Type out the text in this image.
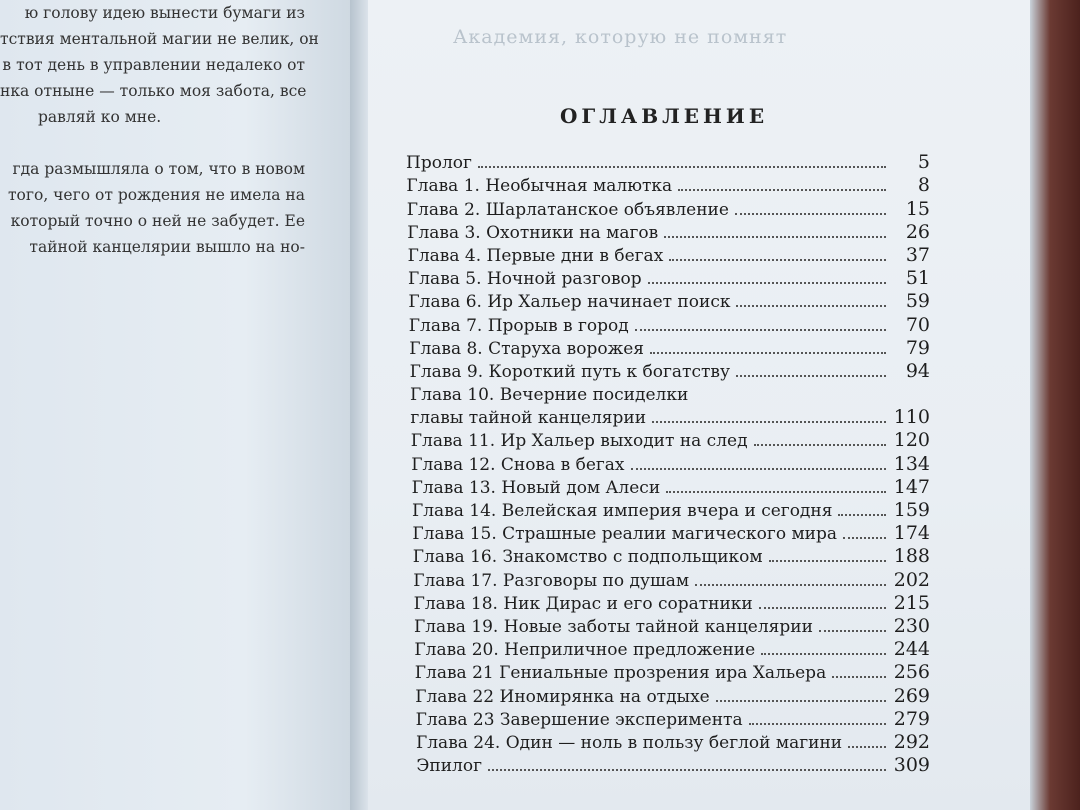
ю голову идею вынести бумаги из
тствия ментальной магии не велик, он
в тот день в управлении недалеко от
нка отныне — только моя забота, все
равляй ко мне.
гда размышляла о том, что в новом
того, чего от рождения не имела на
который точно о ней не забудет. Ее
тайной канцелярии вышло на но-
Академия, которую не помнят
ОГЛАВЛЕНИЕ
Пролог	5
Глава 1. Необычная малютка	8
Глава 2. Шарлатанское объявление	15
Глава 3. Охотники на магов	26
Глава 4. Первые дни в бегах	37
Глава 5. Ночной разговор	51
Глава 6. Ир Хальер начинает поиск	59
Глава 7. Прорыв в город	70
Глава 8. Старуха ворожея	79
Глава 9. Короткий путь к богатству	94
Глава 10. Вечерние посиделки
главы тайной канцелярии	110
Глава 11. Ир Хальер выходит на след	120
Глава 12. Снова в бегах	134
Глава 13. Новый дом Алеси	147
Глава 14. Велейская империя вчера и сегодня	159
Глава 15. Страшные реалии магического мира	174
Глава 16. Знакомство с подпольщиком	188
Глава 17. Разговоры по душам	202
Глава 18. Ник Дирас и его соратники	215
Глава 19. Новые заботы тайной канцелярии	230
Глава 20. Неприличное предложение	244
Глава 21 Гениальные прозрения ира Хальера	256
Глава 22 Иномирянка на отдыхе	269
Глава 23 Завершение эксперимента	279
Глава 24. Один — ноль в пользу беглой магини	292
Эпилог	309
